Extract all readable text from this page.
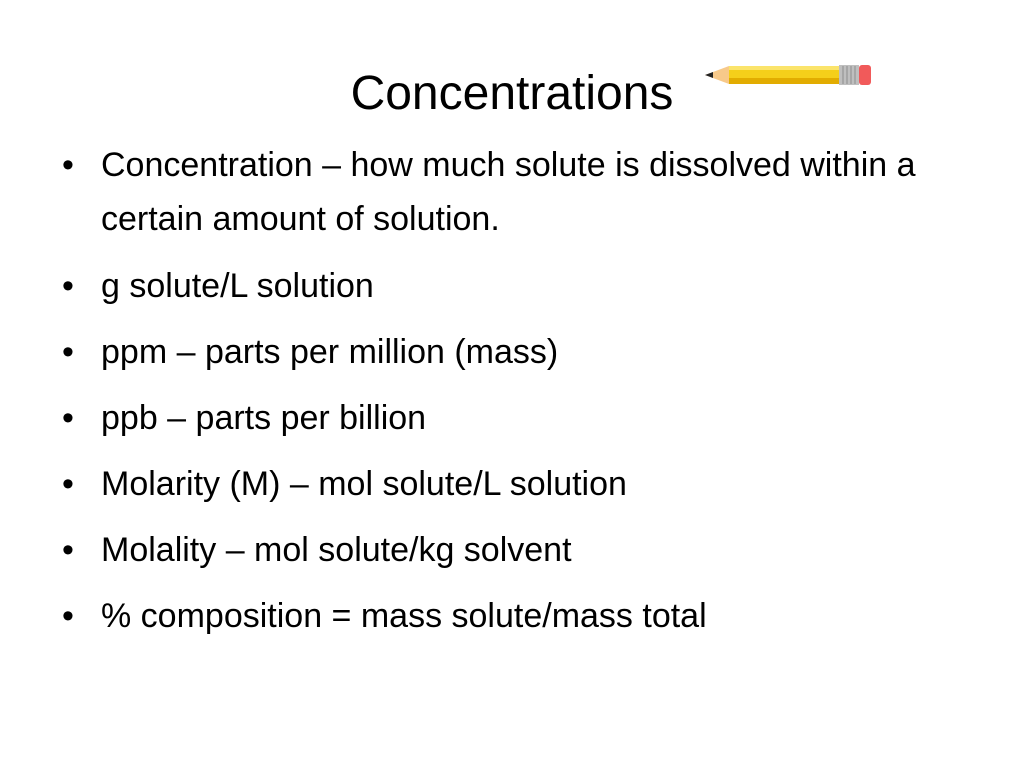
Concentrations
• Concentration – how much solute is dissolved within a certain amount of solution.
• g solute/L solution
• ppm – parts per million (mass)
• ppb – parts per billion
• Molarity (M) – mol solute/L solution
• Molality – mol solute/kg solvent
• % composition = mass solute/mass total
